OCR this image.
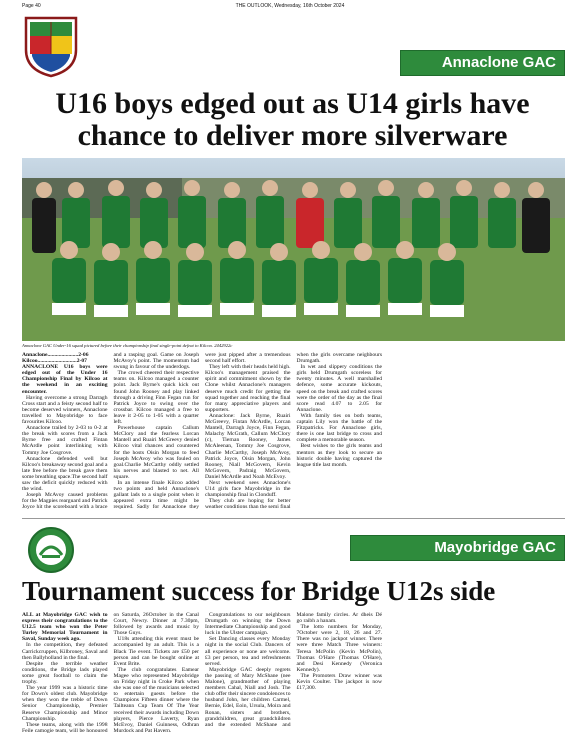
Page 40	THE OUTLOOK, Wednesday, 16th October 2024
Annaclone GAC
U16 boys edged out as U14 girls have chance to deliver more silverware
Annaclone GAC Under-16 squad pictured before their championship final single-point defeat to Kilcoo. 2442922c

Annaclone......................2-06

Kilcoo............................2-07

ANNACLONE U16 boys were edged out of the Under 16 Championship Final by Kilcoo at the weekend in an exciting encounter.

Having overcome a strong Darragh Cross start and a feisty second half to become deserved winners, Annaclone travelled to Mayobridge to face favourites Kilcoo.

Annaclone trailed by 2-03 to 0-2 at the break with scores from a Jack Byrne free and crafted Fintan McArdle point interlinking with Tommy Joe Cosgrove.

Annaclone defended well but Kilcoo's breakaway second goal and a late free before the break gave them some breathing space.The second half saw the deficit quickly reduced with the wind.

Joseph McAvoy caused problems for the Magpies rearguard and Patrick Joyce hit the scoreboard with a brace and a rasping goal. Game on Joseph McAvoy's point. The momentum had swung in favour of the underdogs.

The crowd cheered their respective teams on. Kilcoo managed a counter point. Jack Byrne's quick kick out found John Rooney and play linked through a driving Finn Fegan run for Patrick Joyce to swing over the crossbar. Kilcoo managed a free to leave it 2-05 to 1-05 with a quarter left.

Powerhouse captain Callum McClory and the fearless Lorcan Mantell and Ruairi McGreevy denied Kilcoo vital chances and countered for the hosts Oisin Morgan to feed Joseph McAvoy who was fouled on goal.Charlie McCarthy oddly settled his nerves and blasted to net. All square.

In an intense finale Kilcoo added two points and held Annaclone's gallant lads to a single point when it appeared extra time might be required. Sadly for Annaclone they were just pipped after a tremendous second half effort.

They left with their heads held high. Kilcoo's management praised the spirit and commitment shown by the Clone whilst Annaclone's managers deserve much credit for getting the squad together and reaching the final for many appreciative players and supporters.

Annaclone: Jack Byrne, Ruairi McGreevy, Fintan McArdle, Lorcan Mantell, Darragh Joyce, Finn Fegan, Malachy McGrath, Callum McClory (c), Tiernan Rooney, James McAleenan, Tommy Joe Cosgrove, Charlie McCarthy, Joseph McAvoy, Patrick Joyce, Oisin Morgan, John Rooney, Niall McGovern, Kevin McGovern, Padraig McGovern, Daniel McArdle and Noah McEvoy.

Next weekend sees Annaclone's U14 girls face Mayobridge in the championship final in Clonduff.

They club are hoping for better weather conditions than the semi final when the girls overcame neighbours Drumgath.

In wet and slippery conditions the girls held Drumgath scoreless for twenty minutes. A well marshalled defence, some accurate kickouts, speed on the break and crafted scores were the order of the day as the final score read 4.07 to 2.05 for Annaclone.

With family ties on both teams, captain Lily won the battle of the Fitzpatricks. For Annaclone girls, there is one last bridge to cross and complete a memorable season.

Best wishes to the girls teams and mentors as they look to secure an historic double having captured the league title last month.

Mayobridge GAC
Tournament success for Bridge U12s side

ALL at Mayobridge GAC wish to express their congratulations to the U12.5 team who won the Peter Turley Memorial Tournament in Saval, Sunday week ago.

In the competition, they defeated Carrickcruppen, Kilbroney, Saval and then Ballyholland in the final.

Despite the terrible weather conditions, the Bridge lads played some great football to claim the trophy.

The year 1999 was a historic time for Down's oldest club. Mayobridge when they won the treble of Down Senior Championship, Premier Reserve Championship and Minor Championship.

These teams, along with the 1998 Feile camogie team, will be honoured on Saturda, 26October in the Canal Court, Newry. Dinner at 7.30pm, followed by awards and music by Those Guys.

U18s attending this event must be accompanied by an adult. This is a Black Tie event. Tickets are £50 per person and can be bought online at Event Brite.

The club congratulates Eamear Magee who represented Mayobridge on Friday night in Croke Park when she was one of the musicians selected to entertain guests before the Champions Fifteen dinner where the Tailteann Cup Team Of The Year received their awards including Down players, Pierce Laverty, Ryan McEvoy, Daniel Guinness, Odhran Murdock and Pat Havern.

Congratulations to our neighbours Drumgath on winning the Down Intermediate Championship and good luck in the Ulster campaign.

Set Dancing classes every Monday night in the social Club. Dancers of all experience or none are welcome. £3 per person, tea and refreshments served.

Mayobridge GAC deeply regrets the passing of Mary McShane (nee Malone), grandmother of playing members Cahal, Niall and Josh. The club offer their sincere condolences to husband John, her children Carmel, Bernie, Edel, Eoin, Ursula, Moira and Ronan, sisters and brothers, grandchildren, great grandchildren and the extended McShane and Malone family circles. Ar dheis Dé go raibh a hanam.

The lotto numbers for Monday, 7October were 2, 18, 26 and 27. There was no jackpot winner. There were three Match Three winners: Teresa McPolin (Kevin McPolin), Thomas O'Hare (Thomas O'Hare), and Desi Kennedy (Veronica Kennedy).

The Promoters Draw winner was Kevin Coulter. The jackpot is now £17,300.
